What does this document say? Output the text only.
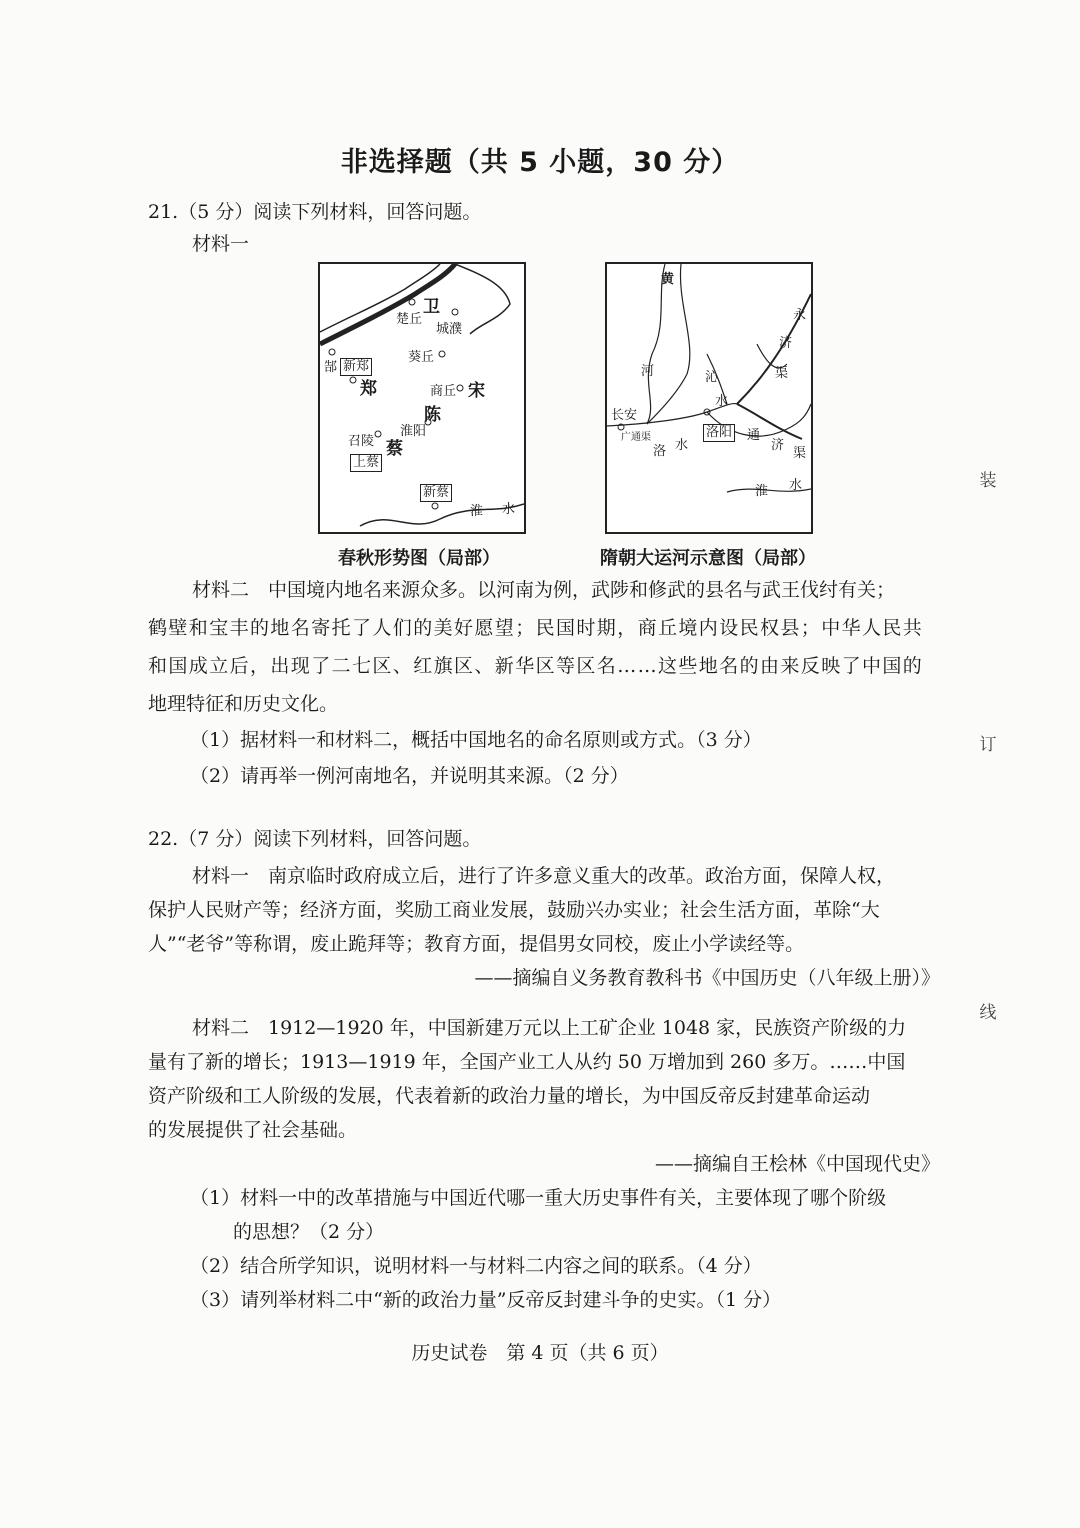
非选择题（共 5 小题，30 分）
21.（5 分）阅读下列材料，回答问题。
材料一
卫
楚丘
城濮
葵丘
郜 新郑
郑	商丘 宋
陈
淮阳
召陵 蔡
上蔡
新蔡
淮 水
春秋形势图（局部）
黄
永
济
河	渠
沁
水
长安
广通 渠
洛 水
洛阳 通
济
渠
淮 水
隋朝大运河示意图（局部）
材料二　中国境内地名来源众多。以河南为例，武陟和修武的县名与武王伐纣有关；
鹤壁和宝丰的地名寄托了人们的美好愿望；民国时期，商丘境内设民权县；中华人民共
和国成立后，出现了二七区、红旗区、新华区等区名……这些地名的由来反映了中国的
地理特征和历史文化。
（1）据材料一和材料二，概括中国地名的命名原则或方式。（3 分）
（2）请再举一例河南地名，并说明其来源。（2 分）
22.（7 分）阅读下列材料，回答问题。
材料一　南京临时政府成立后，进行了许多意义重大的改革。政治方面，保障人权，
保护人民财产等；经济方面，奖励工商业发展，鼓励兴办实业；社会生活方面，革除“大
人”“老爷”等称谓，废止跪拜等；教育方面，提倡男女同校，废止小学读经等。
——摘编自义务教育教科书《中国历史（八年级上册）》
材料二　1912—1920 年，中国新建万元以上工矿企业 1048 家，民族资产阶级的力
量有了新的增长；1913—1919 年，全国产业工人从约 50 万增加到 260 多万。……中国
资产阶级和工人阶级的发展，代表着新的政治力量的增长，为中国反帝反封建革命运动
的发展提供了社会基础。
——摘编自王桧林《中国现代史》
（1）材料一中的改革措施与中国近代哪一重大历史事件有关，主要体现了哪个阶级
的思想？（2 分）
（2）结合所学知识，说明材料一与材料二内容之间的联系。（4 分）
（3）请列举材料二中“新的政治力量”反帝反封建斗争的史实。（1 分）
装
订
线
历史试卷　第 4 页（共 6 页）
